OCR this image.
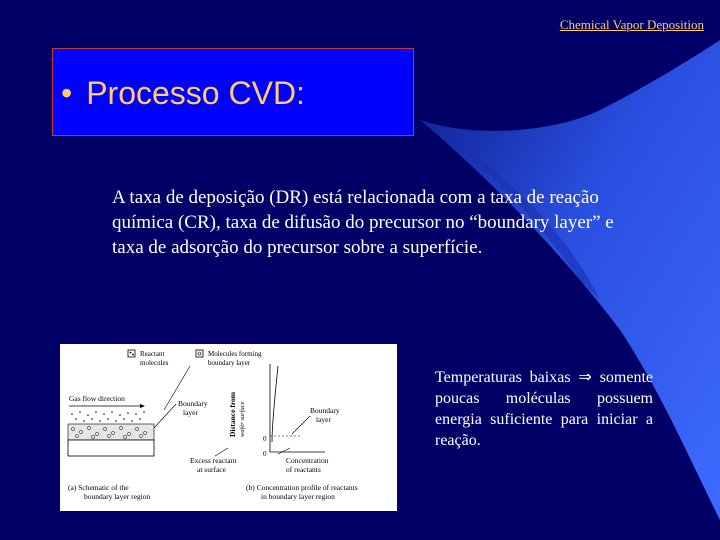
Chemical Vapor Deposition
• Processo CVD:
A taxa de deposição (DR) está relacionada com a taxa de reação química (CR), taxa de difusão do precursor no “boundary layer” e taxa de adsorção do precursor sobre a superfície.
Reactant
molecules
Molecules forming
boundary layer
Gas flow direction
Boundary
layer
Excess reactant
at surface
Distance from wafer surface
0
0
Boundary
layer
Concentration
of reactants
(a) Schematic of the
boundary layer region
(b) Concentration profile of reactants
in boundary layer region
Temperaturas baixas ⇒ somente poucas moléculas possuem energia suficiente para iniciar a reação.
